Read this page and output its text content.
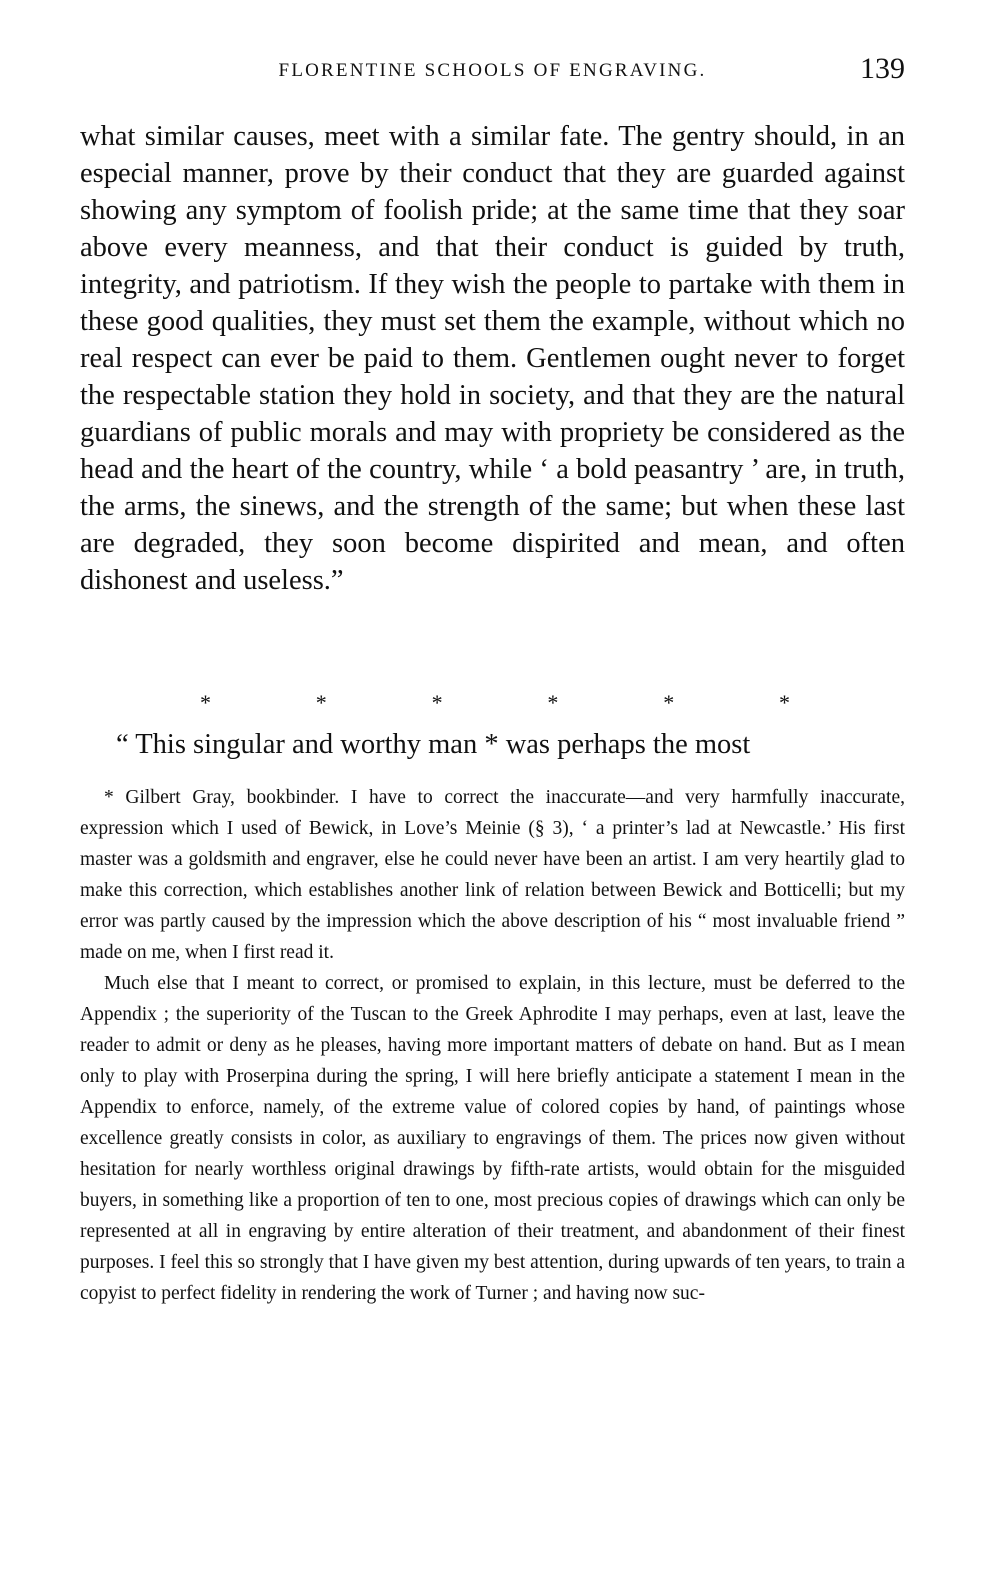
FLORENTINE SCHOOLS OF ENGRAVING.	139

what similar causes, meet with a similar fate. The gentry should, in an especial manner, prove by their conduct that they are guarded against showing any symptom of foolish pride; at the same time that they soar above every meanness, and that their conduct is guided by truth, integrity, and patriotism. If they wish the people to partake with them in these good qualities, they must set them the example, without which no real respect can ever be paid to them. Gentlemen ought never to forget the respectable station they hold in society, and that they are the natural guardians of public morals and may with propriety be considered as the head and the heart of the country, while ‘ a bold peasantry ’ are, in truth, the arms, the sinews, and the strength of the same; but when these last are degraded, they soon become dispirited and mean, and often dishonest and useless.”

*	*	*	*	*	*
“ This singular and worthy man * was perhaps the most

* Gilbert Gray, bookbinder. I have to correct the inaccurate—and very harmfully inaccurate, expression which I used of Bewick, in Love’s Meinie (§ 3), ‘ a printer’s lad at Newcastle.’ His first master was a goldsmith and engraver, else he could never have been an artist. I am very heartily glad to make this correction, which establishes another link of relation between Bewick and Botticelli; but my error was partly caused by the impression which the above description of his “ most invaluable friend ” made on me, when I first read it.

Much else that I meant to correct, or promised to explain, in this lecture, must be deferred to the Appendix ; the superiority of the Tuscan to the Greek Aphrodite I may perhaps, even at last, leave the reader to admit or deny as he pleases, having more important matters of debate on hand. But as I mean only to play with Proserpina during the spring, I will here briefly anticipate a statement I mean in the Appendix to enforce, namely, of the extreme value of colored copies by hand, of paintings whose excellence greatly consists in color, as auxiliary to engravings of them. The prices now given without hesitation for nearly worthless original drawings by fifth-rate artists, would obtain for the misguided buyers, in something like a proportion of ten to one, most precious copies of drawings which can only be represented at all in engraving by entire alteration of their treatment, and abandonment of their finest purposes. I feel this so strongly that I have given my best attention, during upwards of ten years, to train a copyist to perfect fidelity in rendering the work of Turner ; and having now suc-
